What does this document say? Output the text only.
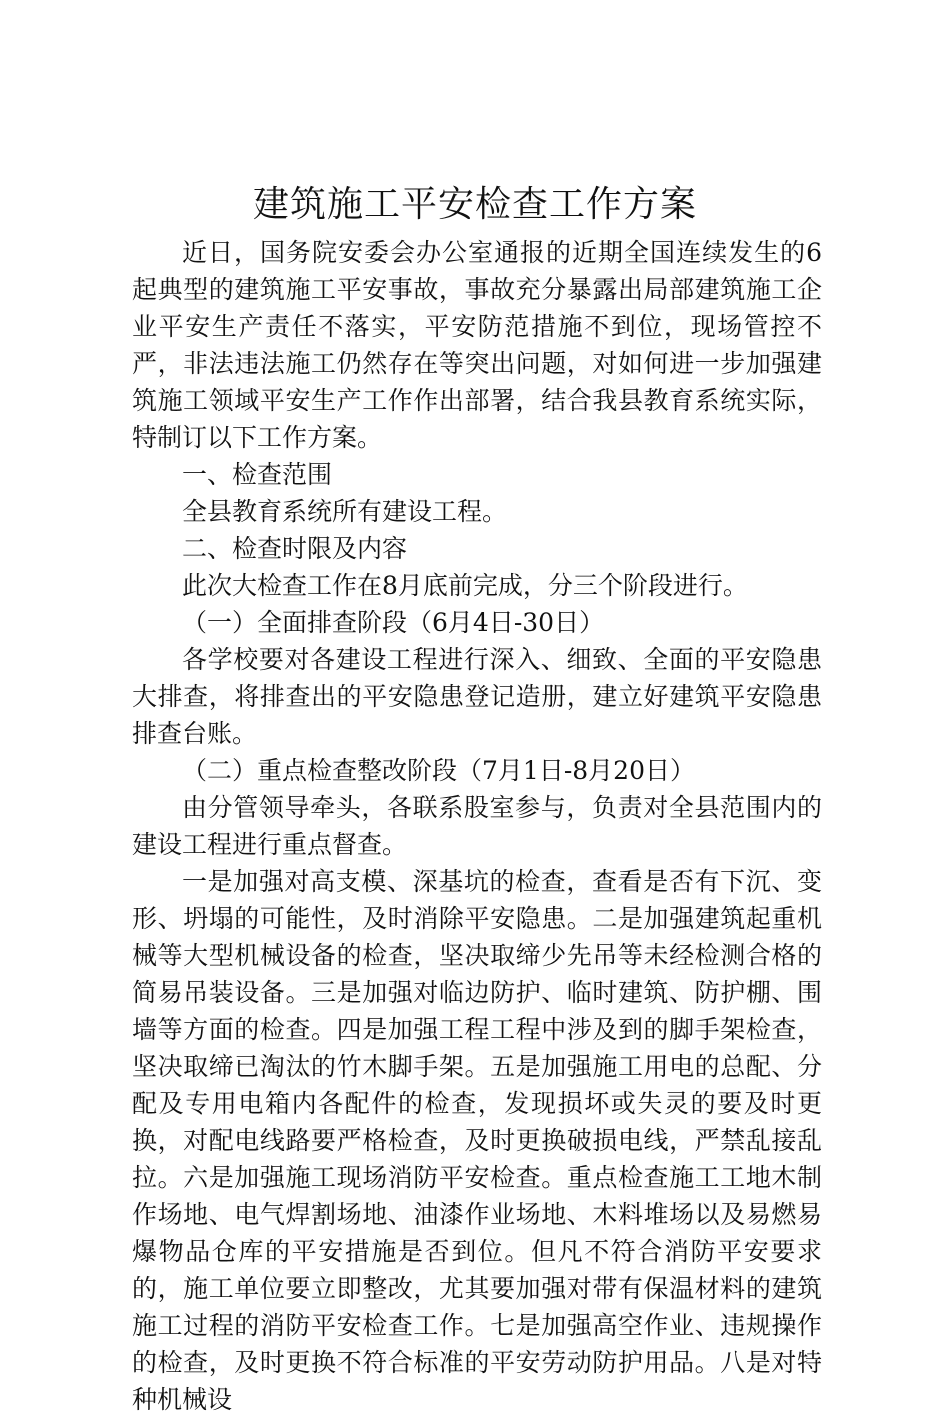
建筑施工平安检查工作方案

近日，国务院安委会办公室通报的近期全国连续发生的6起典型的建筑施工平安事故，事故充分暴露出局部建筑施工企业平安生产责任不落实，平安防范措施不到位，现场管控不严，非法违法施工仍然存在等突出问题，对如何进一步加强建筑施工领域平安生产工作作出部署，结合我县教育系统实际，特制订以下工作方案。

一、检查范围

全县教育系统所有建设工程。

二、检查时限及内容

此次大检查工作在8月底前完成，分三个阶段进行。

（一）全面排查阶段（6月4日-30日）

各学校要对各建设工程进行深入、细致、全面的平安隐患大排查，将排查出的平安隐患登记造册，建立好建筑平安隐患排查台账。

（二）重点检查整改阶段（7月1日-8月20日）

由分管领导牵头，各联系股室参与，负责对全县范围内的建设工程进行重点督查。

一是加强对高支模、深基坑的检查，查看是否有下沉、变形、坍塌的可能性，及时消除平安隐患。二是加强建筑起重机械等大型机械设备的检查，坚决取缔少先吊等未经检测合格的简易吊装设备。三是加强对临边防护、临时建筑、防护棚、围墙等方面的检查。四是加强工程工程中涉及到的脚手架检查，坚决取缔已淘汰的竹木脚手架。五是加强施工用电的总配、分配及专用电箱内各配件的检查，发现损坏或失灵的要及时更换，对配电线路要严格检查，及时更换破损电线，严禁乱接乱拉。六是加强施工现场消防平安检查。重点检查施工工地木制作场地、电气焊割场地、油漆作业场地、木料堆场以及易燃易爆物品仓库的平安措施是否到位。但凡不符合消防平安要求的，施工单位要立即整改，尤其要加强对带有保温材料的建筑施工过程的消防平安检查工作。七是加强高空作业、违规操作的检查，及时更换不符合标准的平安劳动防护用品。八是对特种机械设
